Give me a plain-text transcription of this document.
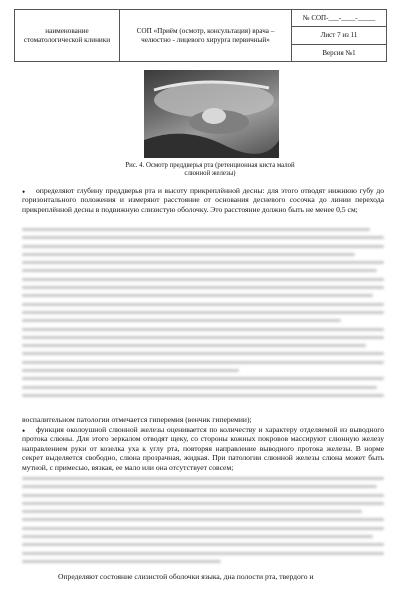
наименование стоматологической клиники
СОП «Приём (осмотр, консультация) врача – челюстно - лицевого хирурга первичный»
№ СОП-___-____-_____
Лист 7 из 11
Версия №1
Рис. 4. Осмотр преддверья рта (ретенционная киста малой слюнной железы)
•	определяют глубину преддверья рта и высоту прикреплённой десны: для этого отводят нижнюю губу до горизонтального положения и измеряют расстояние от основания десневого сосочка до линии перехода прикреплённой десны в подвижную слизистую оболочку. Это расстояние должно быть не менее 0,5 см;
воспалительном патологии отмечается гиперемия (венчик гиперемии);
•	функция околоушной слюнной железы оценивается по количеству и характеру отделяемой из выводного протока слюны. Для этого зеркалом отводят щеку, со стороны кожных покровов массируют слюнную железу направлением руки от козелка уха к углу рта, повторяя направление выводного протока железы. В норме секрет выделяется свободно, слюна прозрачная, жидкая. При патологии слюнной железы слюна может быть мутной, с примесью, вязкая, ее мало или она отсутствует совсем;
Определяют состояние слизистой оболочки языка, дна полости рта, твердого и
